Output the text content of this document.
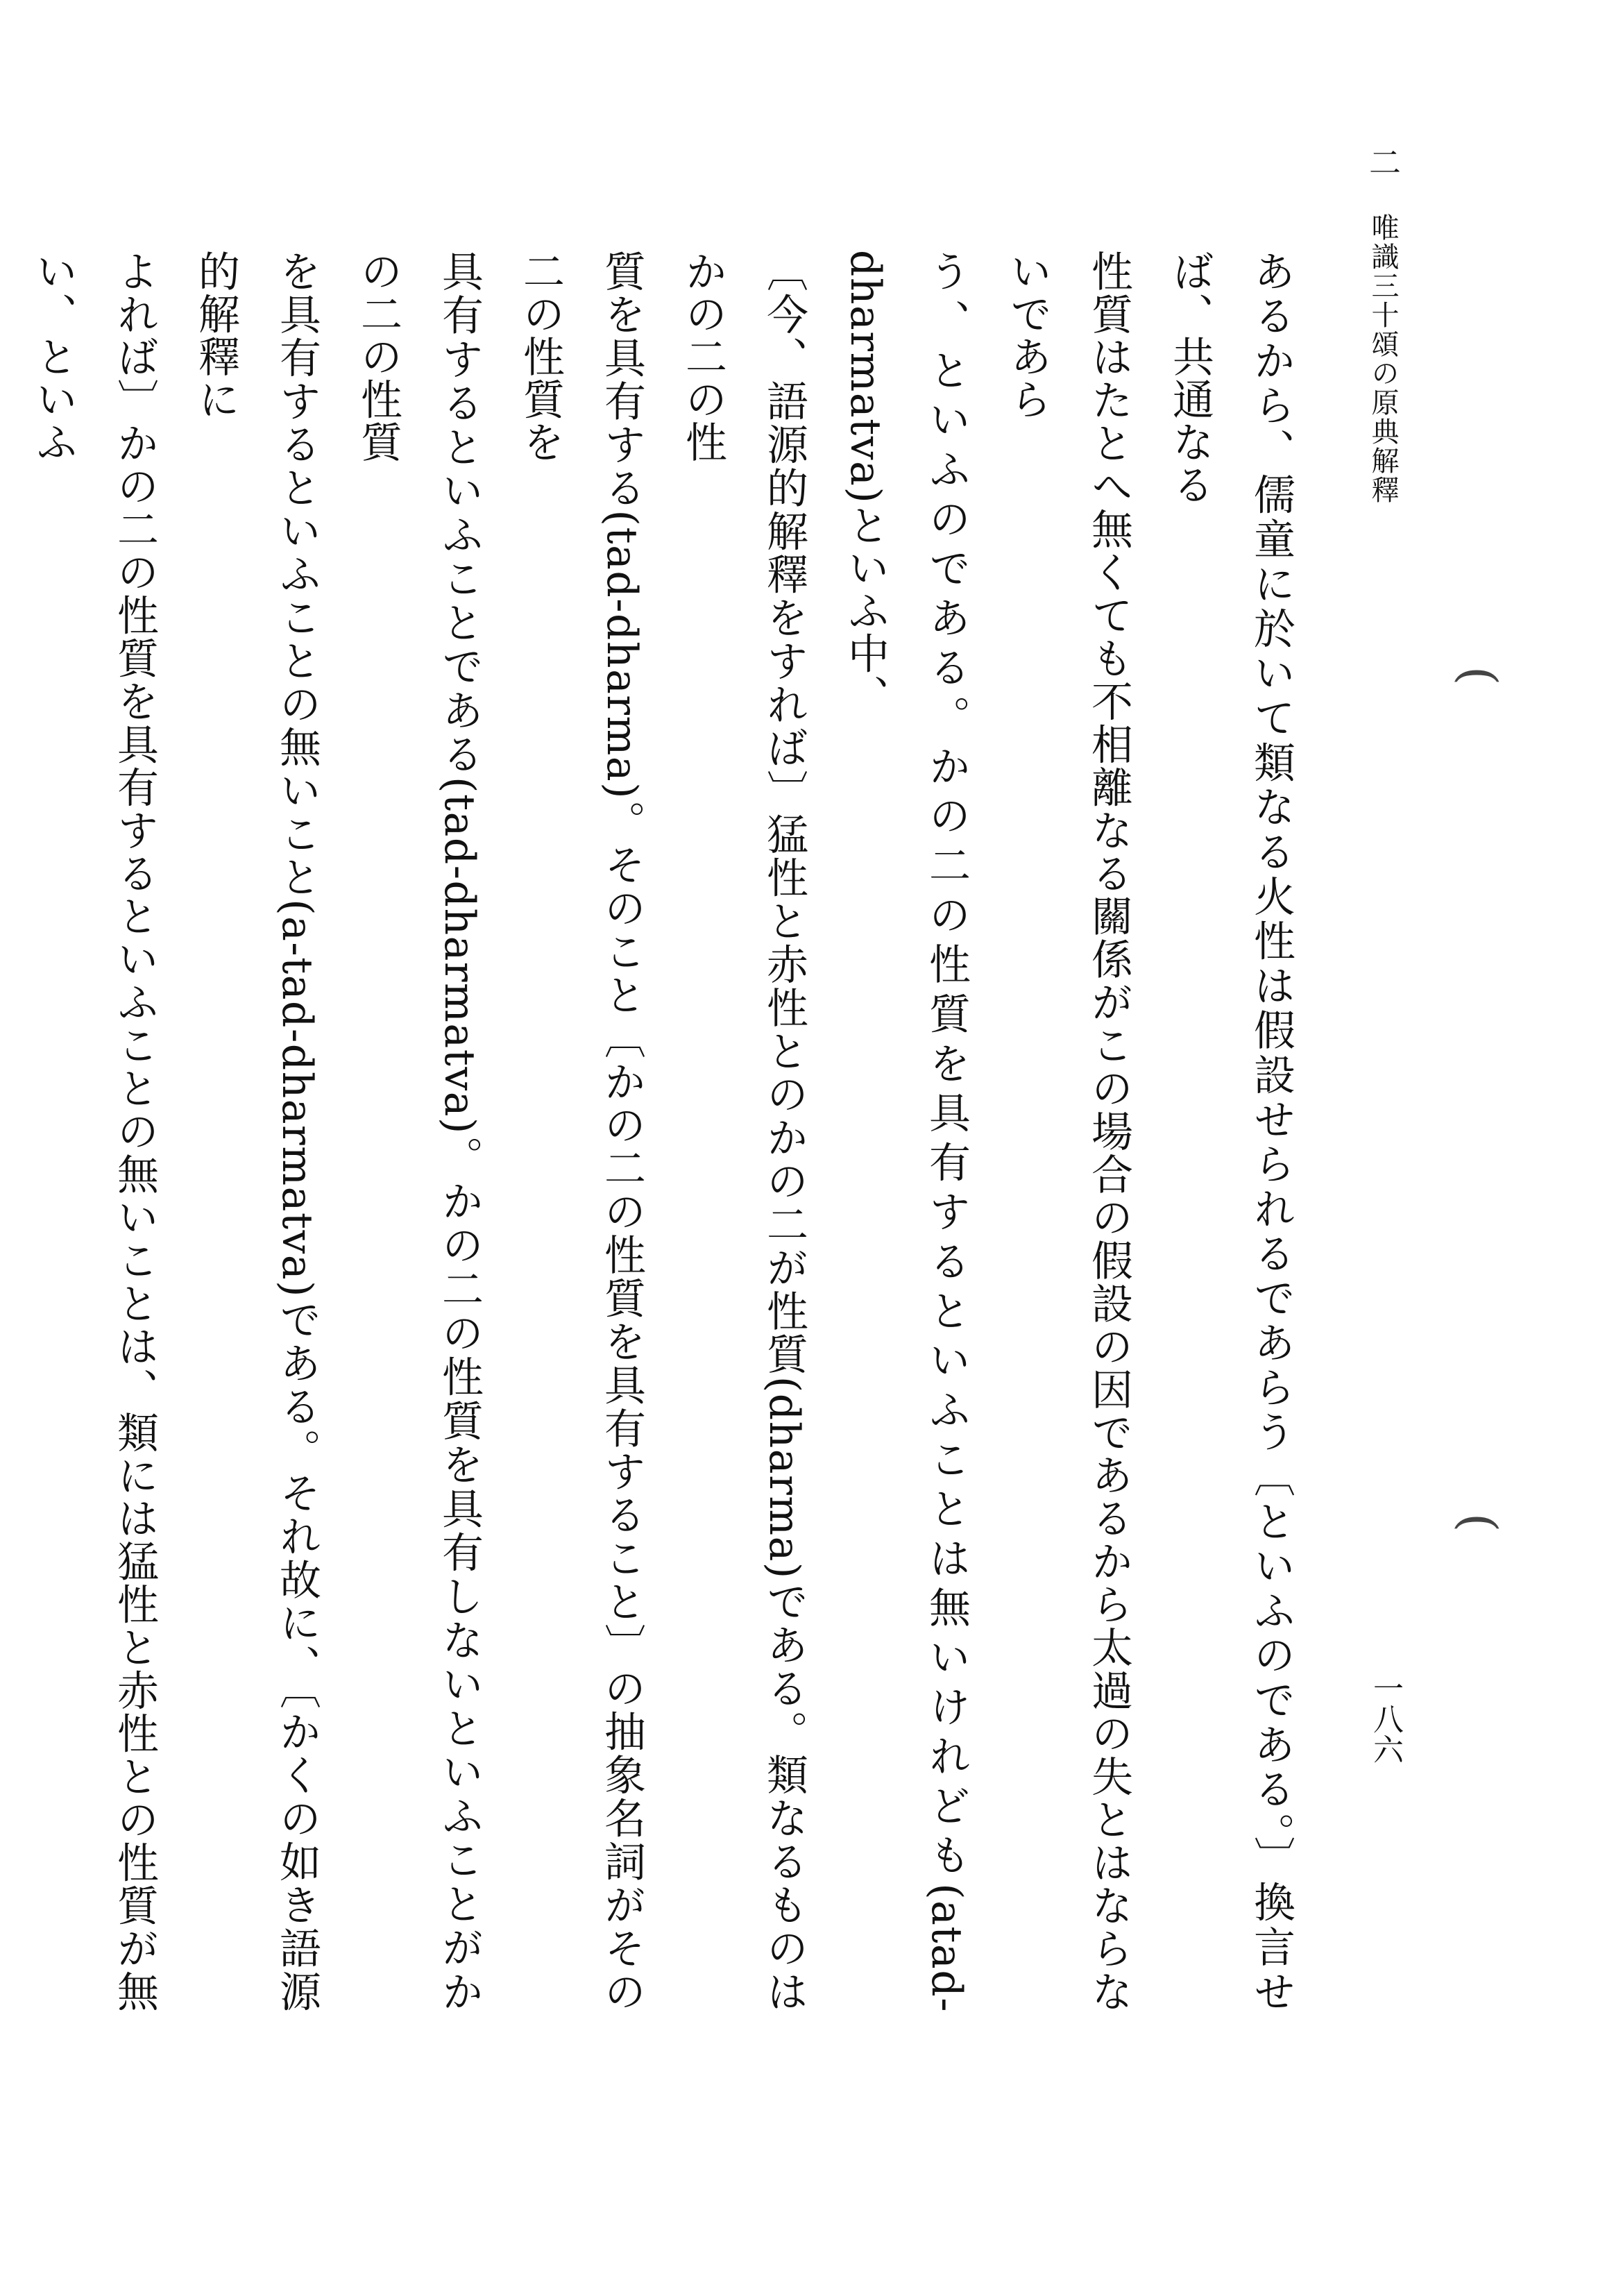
二 唯識三十頌の原典解釋
一八六
あるから、儒童に於いて類なる火性は假設せられるであらう〔といふのである。〕換言せば、共通なる
性質はたとへ無くても不相離なる關係がこの場合の假設の因であるから太過の失とはならないであら
う、といふのである。かの二の性質を具有するといふことは無いけれども(atad-dharmatva)といふ中、
〔今、語源的解釋をすれば〕猛性と赤性とのかの二が性質(dharma)である。類なるものはかの二の性
質を具有する(tad-dharma)。そのこと〔かの二の性質を具有すること〕の抽象名詞がその二の性質を
具有するといふことである(tad-dharmatva)。かの二の性質を具有しないといふことがかの二の性質
を具有するといふことの無いこと(a-tad-dharmatva)である。それ故に、〔かくの如き語源的解釋に
よれば〕かの二の性質を具有するといふことの無いことは、類には猛性と赤性との性質が無い、といふ
(
(
